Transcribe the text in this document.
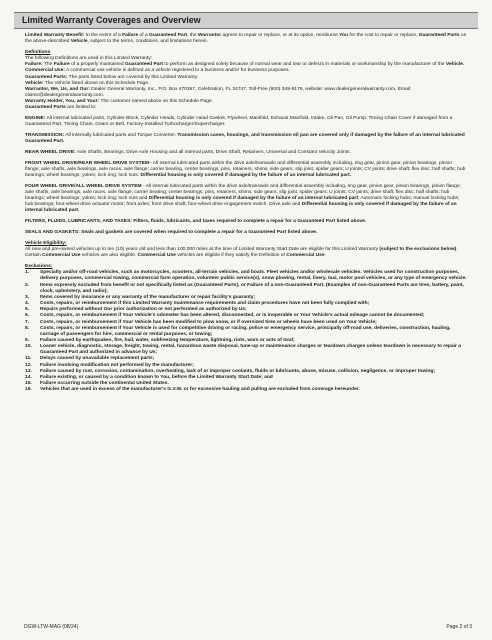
Limited Warranty Coverages and Overview

Limited Warranty Benefit: In the event of a Failure of a Guaranteed Part, the Warrantor agrees to repair or replace, or at its option, reimburse You for the cost to repair or replace, Guaranteed Parts on the above-described Vehicle, subject to the terms, conditions, and limitations herein.

Definitions

The following Definitions are used in this Limited Warranty:

Failure: The Failure of a properly maintained Guaranteed Part to perform as designed solely because of normal wear and tear or defects in materials or workmanship by the manufacturer of the Vehicle.

Commercial Use: A commercial use vehicle is defined as a vehicle registered to a business and/or for business purposes.

Guaranteed Parts: The parts listed below are covered by this Limited Warranty.

Vehicle: The Vehicle listed above on this Schedule Page.

Warrantor, We, Us, and Our: Dealer General Warranty, Inc., P.O. Box 470367, Celebration, FL 34747, Toll-Free (800) 349-9179, website: www.dealergeneralwarranty.com, Email: claims@dealergeneralwarranty.com.

Warranty Holder, You, and Your: The customer named above on this Schedule Page.

Guaranteed Parts are limited to:

ENGINE: All internal lubricated parts, Cylinder Block, Cylinder Heads, Cylinder Head Gasket, Flywheel, Manifold, Exhaust Manifold, Intake, Oil Pan, Oil Pump, Timing Chain Cover if damaged from a Guaranteed Part, Timing Chain, Gears or Belt, Factory-Installed Turbocharger/Supercharger.

TRANSMISSION: All internally lubricated parts and Torque Converter. Transmission cases, housings, and transmission oil pan are covered only if damaged by the failure of an internal lubricated Guaranteed Part.

REAR WHEEL DRIVE: Axle Shafts, Bearings, Drive Axle Housing and all internal parts, Drive Shaft, Retainers, Universal and Constant Velocity Joints.

FRONT WHEEL DRIVE/REAR WHEEL DRIVE SYSTEM– All internal lubricated parts within the drive axle/transaxle and differential assembly including, ring gear, pinion gear, pinion bearings, pinion flange; axle shafts, axle bearings, axle races, axle flange; carrier bearing, center bearings, pins, retainers, shims, side gears, slip joint, spider gears; U joints; CV joints; drive shaft; flex disc; half shafts; hub bearings; wheel bearings; yokes; lock ring; lock nuts. Differential housing is only covered if damaged by the failure of an internal lubricated part.

FOUR WHEEL DRIVE/ALL WHEEL DRIVE SYSTEM - All internal lubricated parts within the drive axle/transaxle and differential assembly including, ring gear, pinion gear, pinion bearings, pinion flange; axle shafts, axle bearings, axle races, axle flange; carrier bearing, center bearings, pins, retainers, shims, side gears, slip joint, spider gears; U joints; CV joints; drive shaft; flex disc; half shafts; hub bearings; wheel bearings; yokes; lock ring; lock nuts and Differential housing is only covered if damaged by the failure of an internal lubricated part; Automatic locking hubs; manual locking hubs; hub bearings; four-wheel drive actuator motor; front axles; front drive shaft; four-wheel drive engagement switch. Drive axle and Differential housing is only covered if damaged by the failure of an internal lubricated part.

FILTERS, FLUIDS, LUBRICANTS, AND TAXES: Filters, fluids, lubricants, and taxes required to complete a repair for a Guaranteed Part listed above.

SEALS AND GASKETS: Seals and gaskets are covered when required to complete a repair for a Guaranteed Part listed above.

Vehicle Eligibility:

All new and pre-owned vehicles up to ten (10) years old and less than 100,000 miles at the time of Limited Warranty Start Date are eligible for this Limited Warranty (subject to the exclusions below). Certain Commercial Use vehicles are also eligible. Commercial Use vehicles are eligible if they satisfy the Definition of Commercial Use.

Exclusions:

1.	Specialty and/or off-road vehicles, such as motorcycles, scooters, all-terrain vehicles, and boats. Fleet vehicles and/or wholesale vehicles. Vehicles used for construction purposes, delivery purposes, commercial towing, commercial farm operation, volunteer public service(s), snow plowing, rental, livery, taxi, motor pool vehicles, or any type of emergency vehicle.
2.	Items expressly excluded from benefit or not specifically listed as (Guaranteed Parts), or Failure of a non-Guaranteed Part. (Examples of non-Guaranteed Parts are tires, battery, paint, clock, upholstery, and radio);
3.	Items covered by insurance or any warranty of the manufacturer or repair facility's guaranty;
4.	Costs, repairs, or reimbursement if this Limited Warranty maintenance requirements and claim procedures have not been fully complied with;
5.	Repairs performed without Our prior authorization or not performed as authorized by Us;
6.	Costs, repairs, or reimbursement if Your Vehicle's odometer has been altered, disconnected, or is inoperable or Your Vehicle's actual mileage cannot be documented;
7.	Costs, repairs, or reimbursement if Your Vehicle has been modified to plow snow, or if oversized tires or wheels have been used on Your Vehicle;
8.	Costs, repairs, or reimbursement if Your Vehicle is used for competitive driving or racing, police or emergency service, principally off-road use, deliveries, construction, hauling, carriage of passengers for hire, commercial or rental purposes, or towing;
9.	Failure caused by earthquakes, fire, hail, water, subfreezing temperature, lightning, riots, wars or acts of God;
10.	Loaner vehicle, diagnostic, storage, freight, towing, rental, hazardous waste disposal, tune-up or maintenance charges or teardown charges unless teardown is necessary to repair a Guaranteed Part and authorized in advance by Us;
11.	Delays caused by unavailable replacement parts;
12.	Failure involving modification not performed by the manufacturer;
13.	Failure caused by rust, corrosion, contamination, overheating, lack of or improper coolants, fluids or lubricants, abuse, misuse, collision, negligence, or improper towing;
14.	Failure existing, or caused by a condition known to You, before the Limited Warranty Start Date; and
15.	Failure occurring outside the continental United States.
16.	Vehicles that are used in excess of the manufacturer's G.V.W. or for excessive hauling and pulling are excluded from coverage hereunder.
DGW-LTW-MAG (08/24)	Page 2 of 3
